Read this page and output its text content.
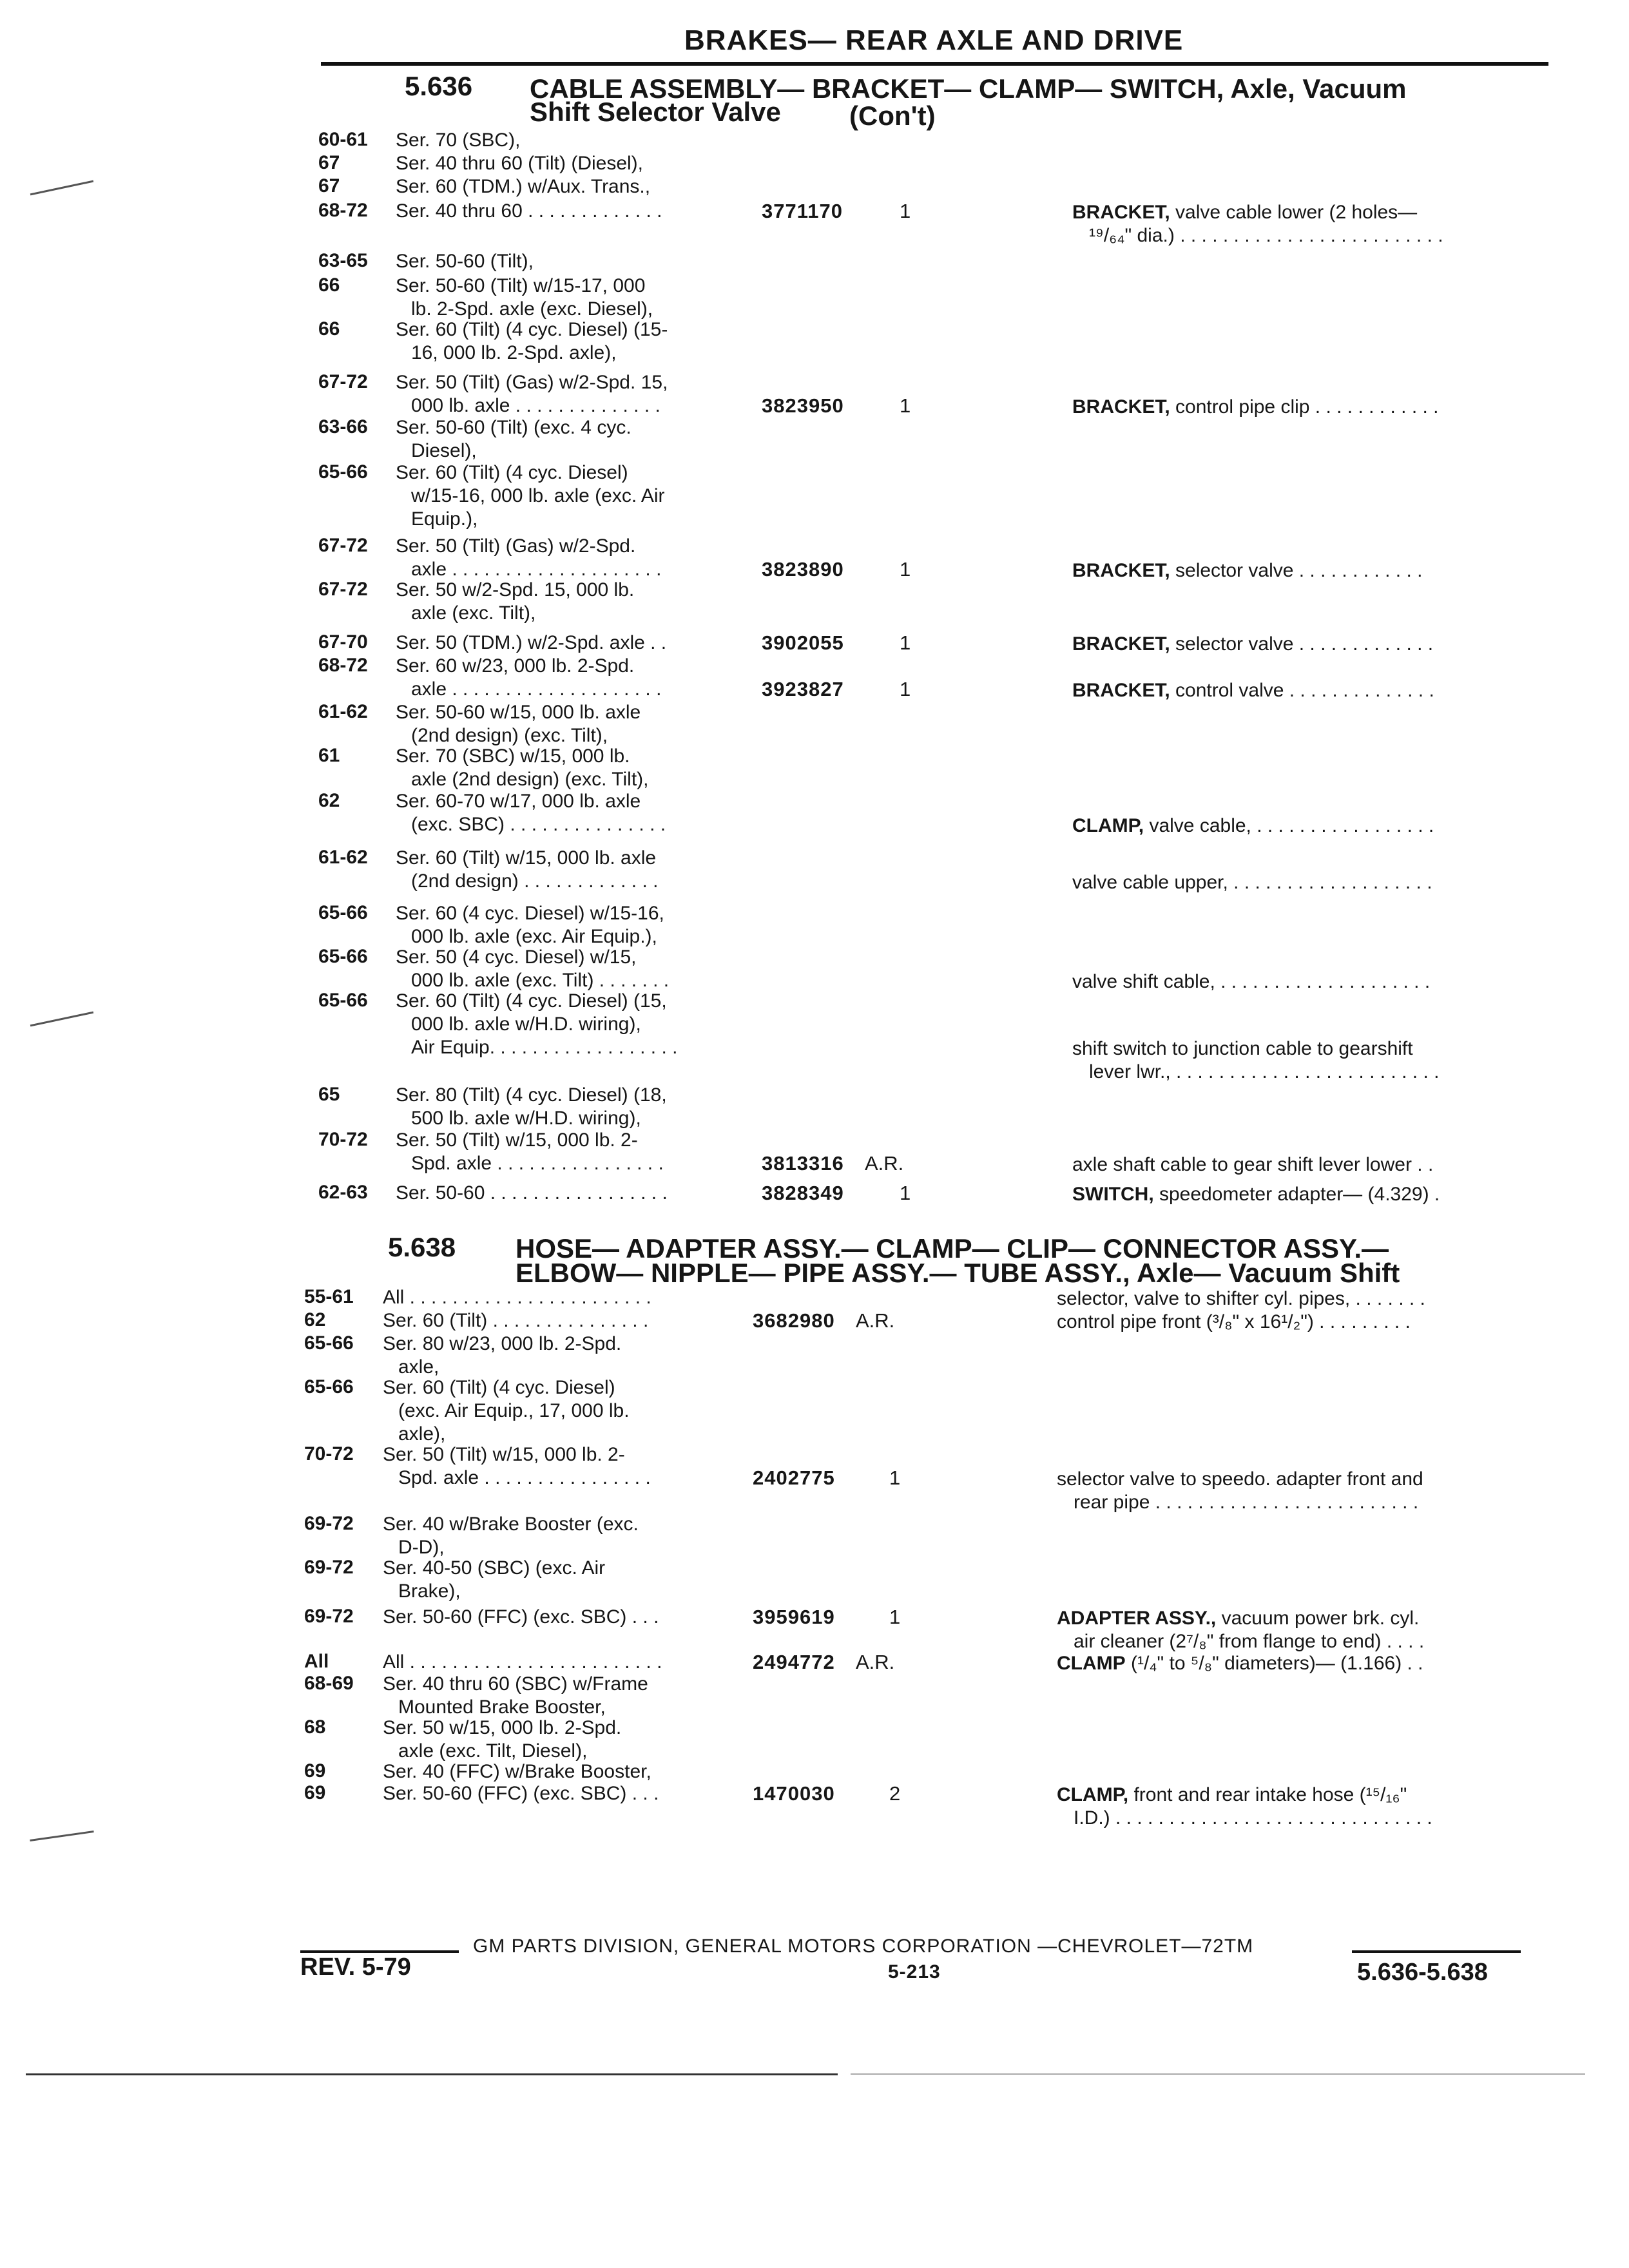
BRAKES— REAR AXLE AND DRIVE
5.636 CABLE ASSEMBLY— BRACKET— CLAMP— SWITCH, Axle, Vacuum
Shift Selector Valve	(Con't)
60-61 Ser. 70 (SBC),
67	Ser. 40 thru 60 (Tilt) (Diesel),
67	Ser. 60 (TDM.) w/Aux. Trans.,
68-72 Ser. 40 thru 60 . . . . . . . . . . . . .	3771170	1	BRACKET, valve cable lower (2 holes—
¹⁹/₆₄" dia.) . . . . . . . . . . . . . . . . . . . . . . . . .
63-65 Ser. 50-60 (Tilt),
66	Ser. 50-60 (Tilt) w/15-17, 000
lb. 2-Spd. axle (exc. Diesel),
66	Ser. 60 (Tilt) (4 cyc. Diesel) (15-
16, 000 lb. 2-Spd. axle),
67-72 Ser. 50 (Tilt) (Gas) w/2-Spd. 15,
000 lb. axle . . . . . . . . . . . . . .	3823950	1	BRACKET, control pipe clip . . . . . . . . . . . .
63-66 Ser. 50-60 (Tilt) (exc. 4 cyc.
Diesel),
65-66 Ser. 60 (Tilt) (4 cyc. Diesel)
w/15-16, 000 lb. axle (exc. Air
Equip.),
67-72 Ser. 50 (Tilt) (Gas) w/2-Spd.
axle . . . . . . . . . . . . . . . . . . . .	3823890	1	BRACKET, selector valve . . . . . . . . . . . .
67-72 Ser. 50 w/2-Spd. 15, 000 lb.
axle (exc. Tilt),
67-70 Ser. 50 (TDM.) w/2-Spd. axle . .	3902055	1	BRACKET, selector valve . . . . . . . . . . . . .
68-72 Ser. 60 w/23, 000 lb. 2-Spd.
axle . . . . . . . . . . . . . . . . . . . .	3923827	1	BRACKET, control valve . . . . . . . . . . . . . .
61-62 Ser. 50-60 w/15, 000 lb. axle
(2nd design) (exc. Tilt),
61	Ser. 70 (SBC) w/15, 000 lb.
axle (2nd design) (exc. Tilt),
62	Ser. 60-70 w/17, 000 lb. axle
(exc. SBC) . . . . . . . . . . . . . . .	CLAMP, valve cable, . . . . . . . . . . . . . . . . .
61-62 Ser. 60 (Tilt) w/15, 000 lb. axle
(2nd design) . . . . . . . . . . . . .	valve cable upper, . . . . . . . . . . . . . . . . . . .
65-66 Ser. 60 (4 cyc. Diesel) w/15-16,
000 lb. axle (exc. Air Equip.),
65-66 Ser. 50 (4 cyc. Diesel) w/15,
000 lb. axle (exc. Tilt) . . . . . . .	valve shift cable, . . . . . . . . . . . . . . . . . . . .
65-66 Ser. 60 (Tilt) (4 cyc. Diesel) (15,
000 lb. axle w/H.D. wiring),
Air Equip. . . . . . . . . . . . . . . . . .	shift switch to junction cable to gearshift
lever lwr., . . . . . . . . . . . . . . . . . . . . . . . . .
65	Ser. 80 (Tilt) (4 cyc. Diesel) (18,
500 lb. axle w/H.D. wiring),
70-72 Ser. 50 (Tilt) w/15, 000 lb. 2-
Spd. axle . . . . . . . . . . . . . . . .	3813316 A.R.	axle shaft cable to gear shift lever lower . .
62-63 Ser. 50-60 . . . . . . . . . . . . . . . . .	3828349	1	SWITCH, speedometer adapter— (4.329) .
5.638 HOSE— ADAPTER ASSY.— CLAMP— CLIP— CONNECTOR ASSY.—
ELBOW— NIPPLE— PIPE ASSY.— TUBE ASSY., Axle— Vacuum Shift
55-61 All . . . . . . . . . . . . . . . . . . . . . . .	selector, valve to shifter cyl. pipes, . . . . . . .
62	Ser. 60 (Tilt) . . . . . . . . . . . . . . .	3682980 A.R.	control pipe front (³/₈" x 16¹/₂") . . . . . . . . .
65-66 Ser. 80 w/23, 000 lb. 2-Spd.
axle,
65-66 Ser. 60 (Tilt) (4 cyc. Diesel)
(exc. Air Equip., 17, 000 lb.
axle),
70-72 Ser. 50 (Tilt) w/15, 000 lb. 2-
Spd. axle . . . . . . . . . . . . . . . .	2402775	1	selector valve to speedo. adapter front and
rear pipe . . . . . . . . . . . . . . . . . . . . . . . . .
69-72 Ser. 40 w/Brake Booster (exc.
D-D),
69-72 Ser. 40-50 (SBC) (exc. Air
Brake),
69-72 Ser. 50-60 (FFC) (exc. SBC) . . .	3959619	1	ADAPTER ASSY., vacuum power brk. cyl.
air cleaner (2⁷/₈" from flange to end) . . . .
All	All . . . . . . . . . . . . . . . . . . . . . . . .	2494772 A.R.	CLAMP (¹/₄" to ⁵/₈" diameters)— (1.166) . .
68-69 Ser. 40 thru 60 (SBC) w/Frame
Mounted Brake Booster,
68	Ser. 50 w/15, 000 lb. 2-Spd.
axle (exc. Tilt, Diesel),
69	Ser. 40 (FFC) w/Brake Booster,
69	Ser. 50-60 (FFC) (exc. SBC) . . .	1470030	2	CLAMP, front and rear intake hose (¹⁵/₁₆"
I.D.) . . . . . . . . . . . . . . . . . . . . . . . . . . . . . .
GM PARTS DIVISION, GENERAL MOTORS CORPORATION —CHEVROLET—72TM
REV. 5-79	5-213	5.636-5.638
